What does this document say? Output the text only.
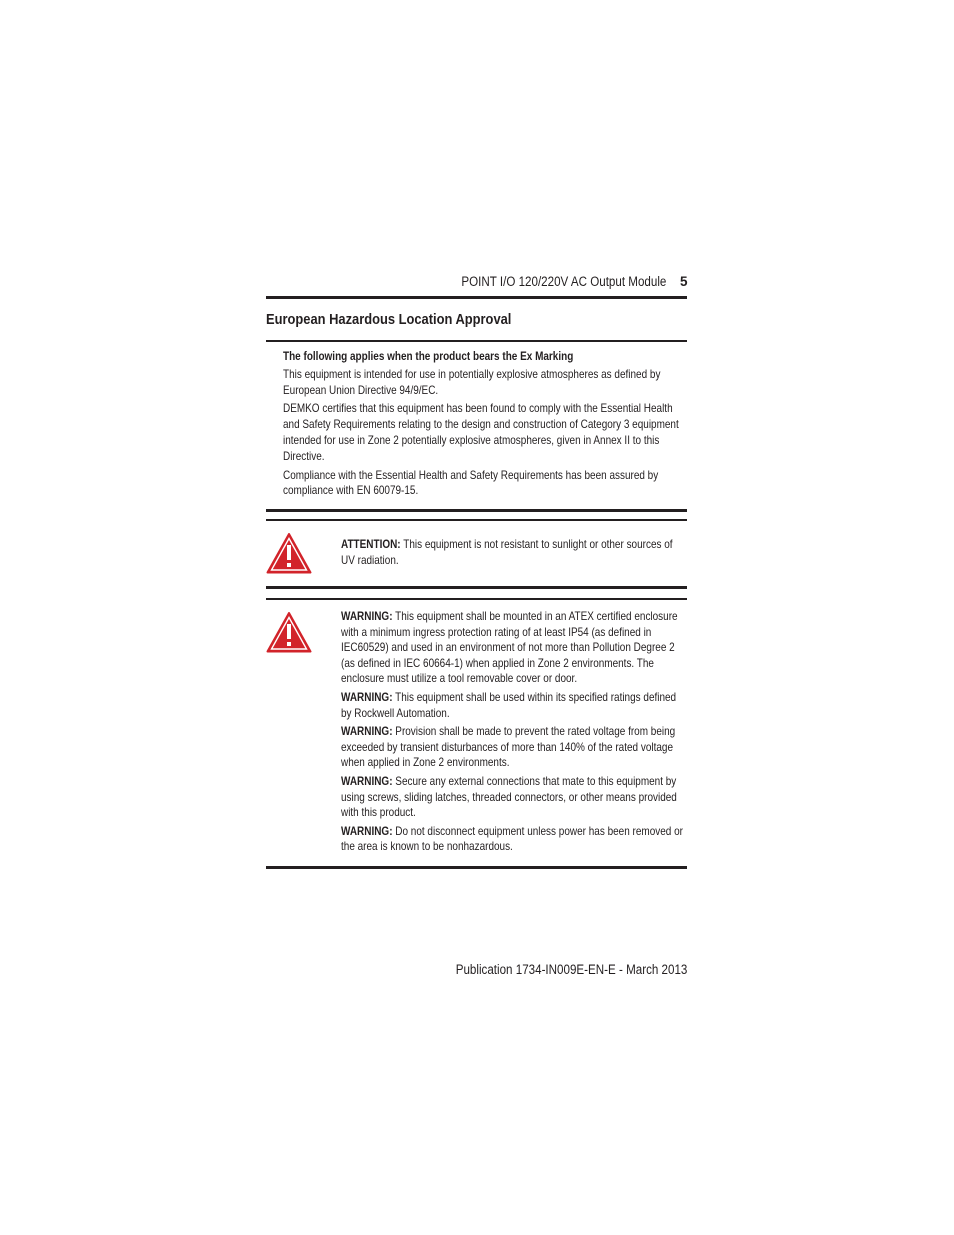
POINT I/O 120/220V AC Output Module 5
European Hazardous Location Approval
The following applies when the product bears the Ex Marking

This equipment is intended for use in potentially explosive atmospheres as defined by European Union Directive 94/9/EC.

DEMKO certifies that this equipment has been found to comply with the Essential Health and Safety Requirements relating to the design and construction of Category 3 equipment intended for use in Zone 2 potentially explosive atmospheres, given in Annex II to this Directive.

Compliance with the Essential Health and Safety Requirements has been assured by compliance with EN 60079-15.

ATTENTION: This equipment is not resistant to sunlight or other sources of UV radiation.

WARNING: This equipment shall be mounted in an ATEX certified enclosure with a minimum ingress protection rating of at least IP54 (as defined in IEC60529) and used in an environment of not more than Pollution Degree 2 (as defined in IEC 60664-1) when applied in Zone 2 environments. The enclosure must utilize a tool removable cover or door.

WARNING: This equipment shall be used within its specified ratings defined by Rockwell Automation.

WARNING: Provision shall be made to prevent the rated voltage from being exceeded by transient disturbances of more than 140% of the rated voltage when applied in Zone 2 environments.

WARNING: Secure any external connections that mate to this equipment by using screws, sliding latches, threaded connectors, or other means provided with this product.

WARNING: Do not disconnect equipment unless power has been removed or the area is known to be nonhazardous.

Publication 1734-IN009E-EN-E - March 2013
